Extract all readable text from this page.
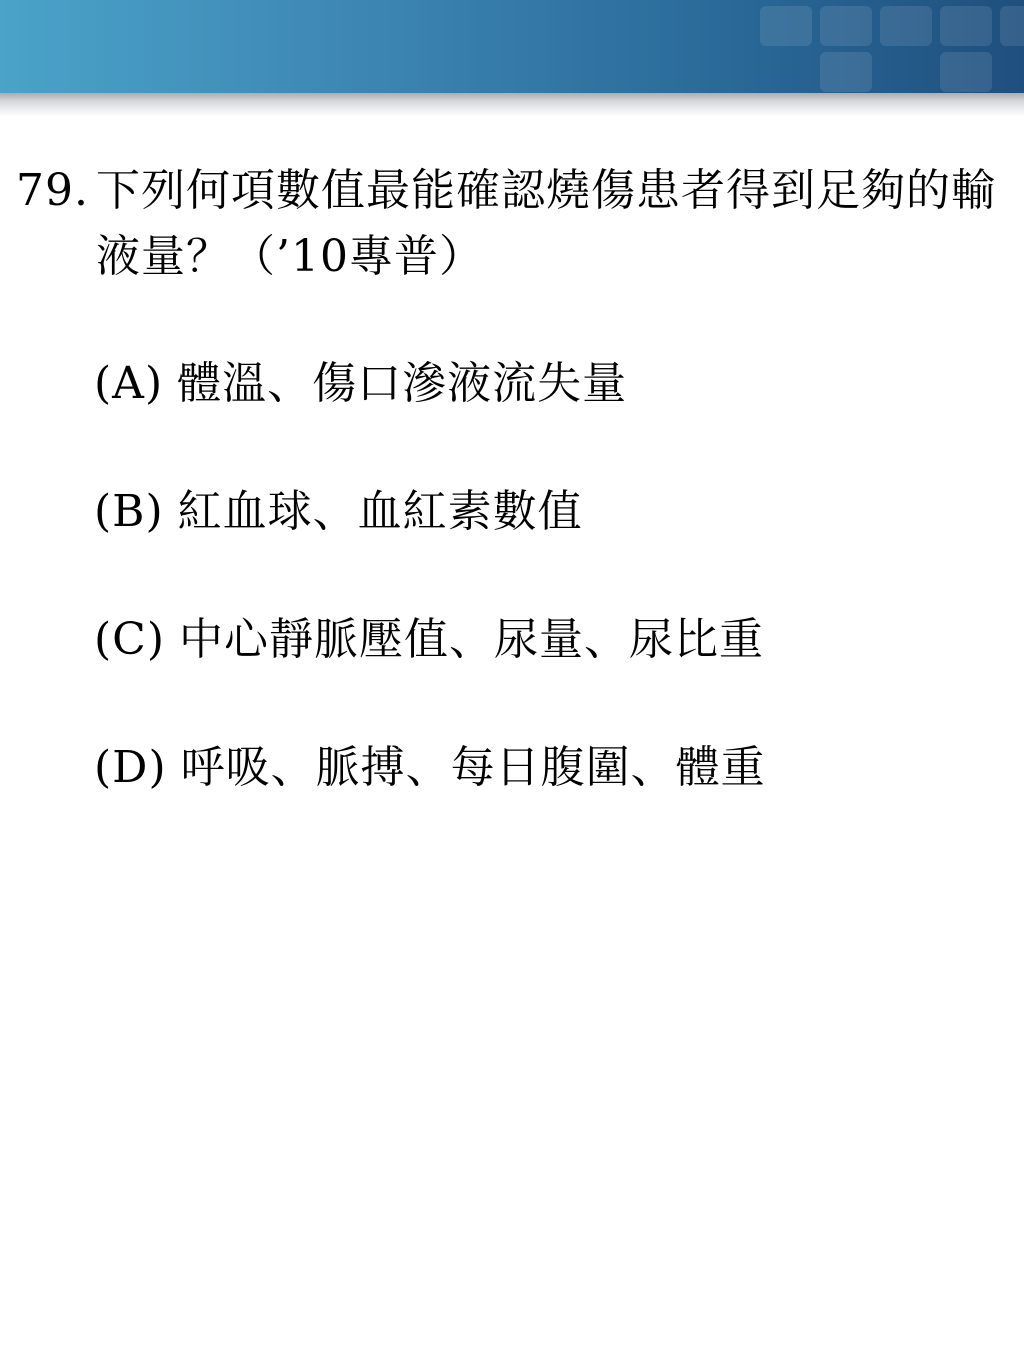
79. 下列何項數值最能確認燒傷患者得到足夠的輸液量？（’10專普）
(A) 體溫、傷口滲液流失量
(B) 紅血球、血紅素數值
(C) 中心靜脈壓值、尿量、尿比重
(D) 呼吸、脈搏、每日腹圍、體重
